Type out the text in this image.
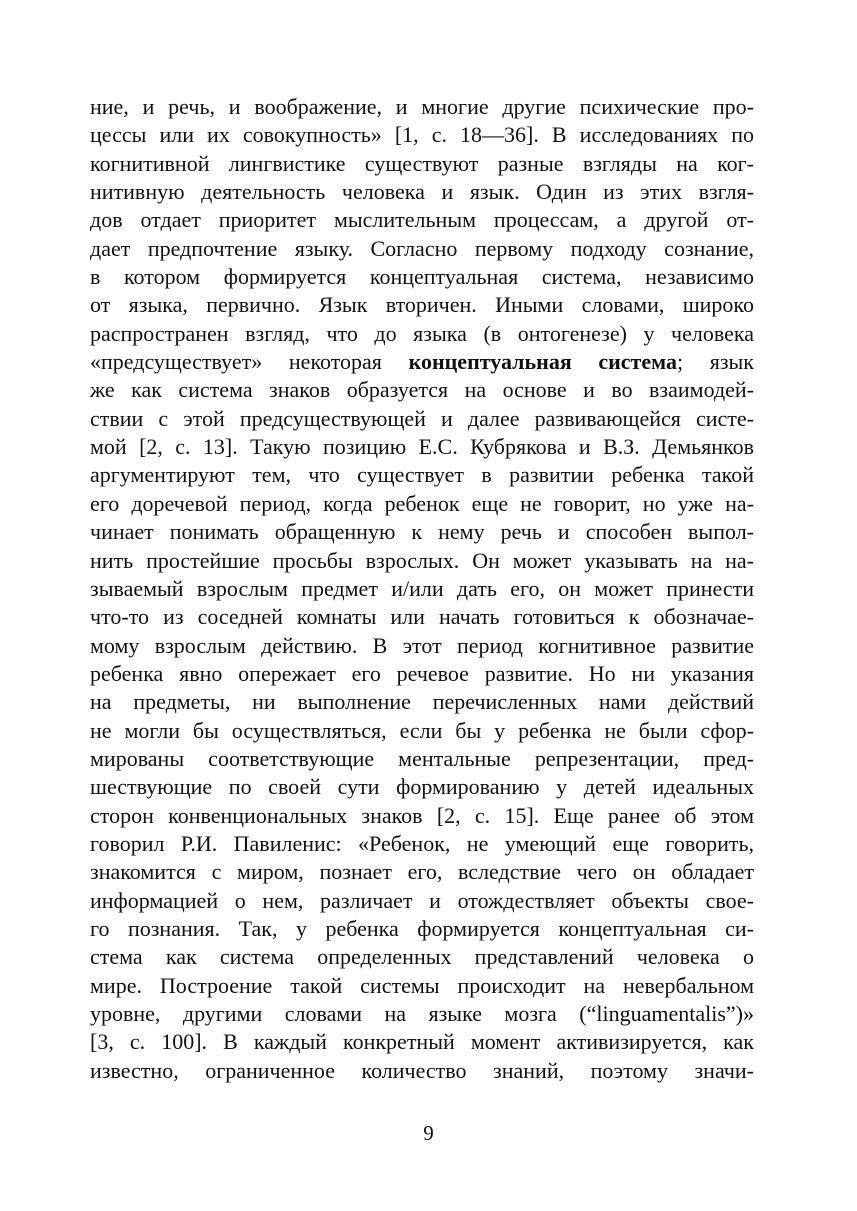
ние, и речь, и воображение, и многие другие психические про-
цессы или их совокупность» [1, с. 18—36]. В исследованиях по
когнитивной лингвистике существуют разные взгляды на ког-
нитивную деятельность человека и язык. Один из этих взгля-
дов отдает приоритет мыслительным процессам, а другой от-
дает предпочтение языку. Согласно первому подходу сознание,
в котором формируется концептуальная система, независимо
от языка, первично. Язык вторичен. Иными словами, широко
распространен взгляд, что до языка (в онтогенезе) у человека
«предсуществует» некоторая концептуальная система; язык
же как система знаков образуется на основе и во взаимодей-
ствии с этой предсуществующей и далее развивающейся систе-
мой [2, с. 13]. Такую позицию Е.С. Кубрякова и В.З. Демьянков
аргументируют тем, что существует в развитии ребенка такой
его доречевой период, когда ребенок еще не говорит, но уже на-
чинает понимать обращенную к нему речь и способен выпол-
нить простейшие просьбы взрослых. Он может указывать на на-
зываемый взрослым предмет и/или дать его, он может принести
что-то из соседней комнаты или начать готовиться к обозначае-
мому взрослым действию. В этот период когнитивное развитие
ребенка явно опережает его речевое развитие. Но ни указания
на предметы, ни выполнение перечисленных нами действий
не могли бы осуществляться, если бы у ребенка не были сфор-
мированы соответствующие ментальные репрезентации, пред-
шествующие по своей сути формированию у детей идеальных
сторон конвенциональных знаков [2, с. 15]. Еще ранее об этом
говорил Р.И. Павиленис: «Ребенок, не умеющий еще говорить,
знакомится с миром, познает его, вследствие чего он обладает
информацией о нем, различает и отождествляет объекты свое-
го познания. Так, у ребенка формируется концептуальная си-
стема как система определенных представлений человека о
мире. Построение такой системы происходит на невербальном
уровне, другими словами на языке мозга (“linguamentalis”)»
[3, с. 100]. В каждый конкретный момент активизируется, как
известно, ограниченное количество знаний, поэтому значи-
9
